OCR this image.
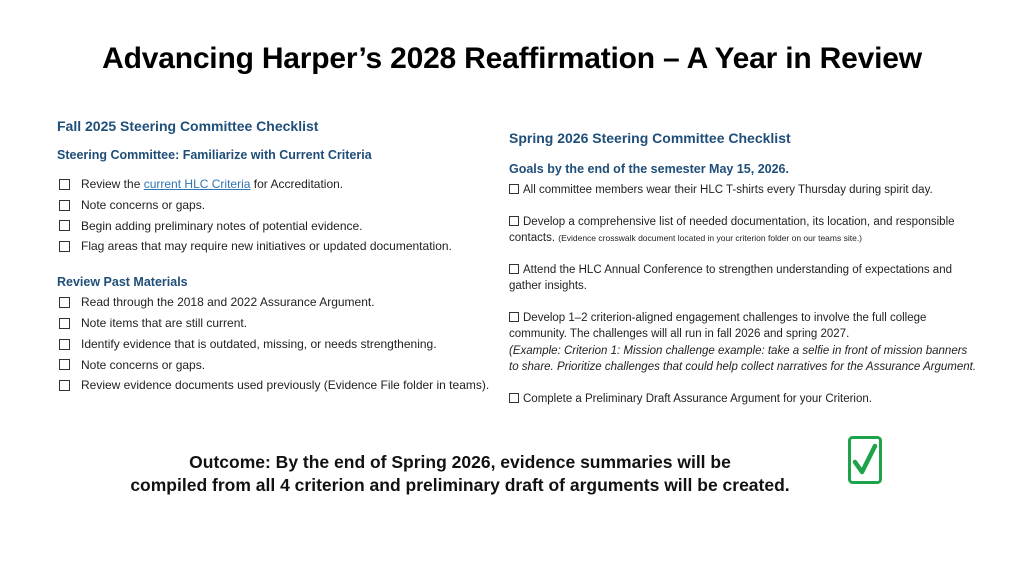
Advancing Harper’s 2028 Reaffirmation – A Year in Review
Fall 2025 Steering Committee Checklist
Steering Committee: Familiarize with Current Criteria
Review the current HLC Criteria for Accreditation.
Note concerns or gaps.
Begin adding preliminary notes of potential evidence.
Flag areas that may require new initiatives or updated documentation.
Review Past Materials
Read through the 2018 and 2022 Assurance Argument.
Note items that are still current.
Identify evidence that is outdated, missing, or needs strengthening.
Note concerns or gaps.
Review evidence documents used previously (Evidence File folder in teams).
Spring 2026 Steering Committee Checklist
Goals by the end of the semester May 15, 2026.
All committee members wear their HLC T-shirts every Thursday during spirit day.
Develop a comprehensive list of needed documentation, its location, and responsible contacts. (Evidence crosswalk document located in your criterion folder on our teams site.)
Attend the HLC Annual Conference to strengthen understanding of expectations and gather insights.
Develop 1–2 criterion-aligned engagement challenges to involve the full college community. The challenges will all run in fall 2026 and spring 2027.
(Example: Criterion 1: Mission challenge example: take a selfie in front of mission banners to share. Prioritize challenges that could help collect narratives for the Assurance Argument.
Complete a Preliminary Draft Assurance Argument for your Criterion.
Outcome: By the end of Spring 2026, evidence summaries will be
compiled from all 4 criterion and preliminary draft of arguments will be created.
